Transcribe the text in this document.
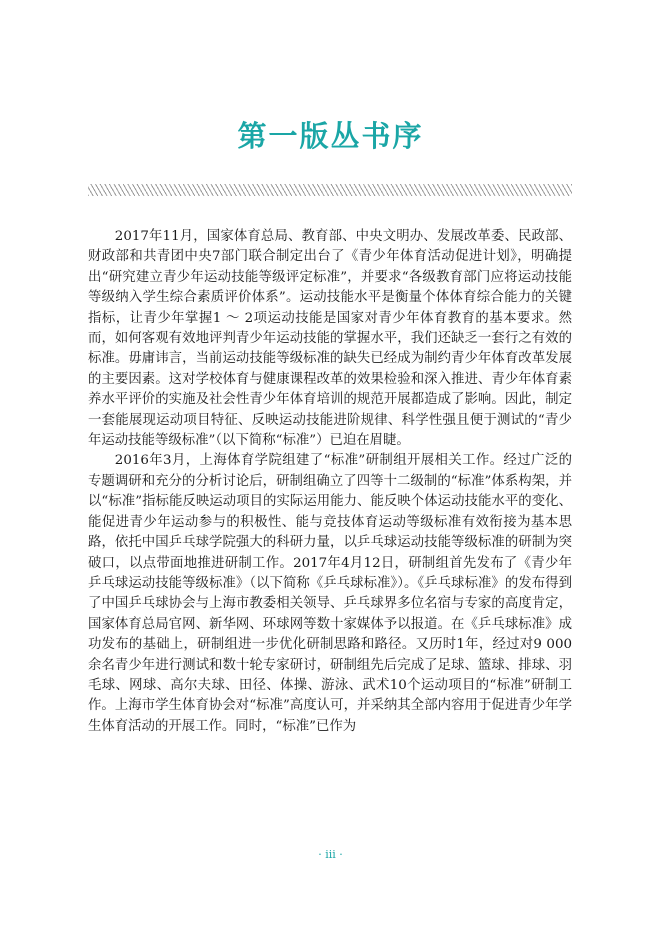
第一版丛书序

2017年11月，国家体育总局、教育部、中央文明办、发展改革委、民政部、财政部和共青团中央7部门联合制定出台了《青少年体育活动促进计划》，明确提出“研究建立青少年运动技能等级评定标准”，并要求“各级教育部门应将运动技能等级纳入学生综合素质评价体系”。运动技能水平是衡量个体体育综合能力的关键指标，让青少年掌握1 ～ 2项运动技能是国家对青少年体育教育的基本要求。然而，如何客观有效地评判青少年运动技能的掌握水平，我们还缺乏一套行之有效的标准。毋庸讳言，当前运动技能等级标准的缺失已经成为制约青少年体育改革发展的主要因素。这对学校体育与健康课程改革的效果检验和深入推进、青少年体育素养水平评价的实施及社会性青少年体育培训的规范开展都造成了影响。因此，制定一套能展现运动项目特征、反映运动技能进阶规律、科学性强且便于测试的“青少年运动技能等级标准”（以下简称“标准”）已迫在眉睫。

2016年3月，上海体育学院组建了“标准”研制组开展相关工作。经过广泛的专题调研和充分的分析讨论后，研制组确立了四等十二级制的“标准”体系构架，并以“标准”指标能反映运动项目的实际运用能力、能反映个体运动技能水平的变化、能促进青少年运动参与的积极性、能与竞技体育运动等级标准有效衔接为基本思路，依托中国乒乓球学院强大的科研力量，以乒乓球运动技能等级标准的研制为突破口，以点带面地推进研制工作。2017年4月12日，研制组首先发布了《青少年乒乓球运动技能等级标准》（以下简称《乒乓球标准》）。《乒乓球标准》的发布得到了中国乒乓球协会与上海市教委相关领导、乒乓球界多位名宿与专家的高度肯定，国家体育总局官网、新华网、环球网等数十家媒体予以报道。在《乒乓球标准》成功发布的基础上，研制组进一步优化研制思路和路径。又历时1年，经过对9 000余名青少年进行测试和数十轮专家研讨，研制组先后完成了足球、篮球、排球、羽毛球、网球、高尔夫球、田径、体操、游泳、武术10个运动项目的“标准”研制工作。上海市学生体育协会对“标准”高度认可，并采纳其全部内容用于促进青少年学生体育活动的开展工作。同时，“标准”已作为

· iii ·
